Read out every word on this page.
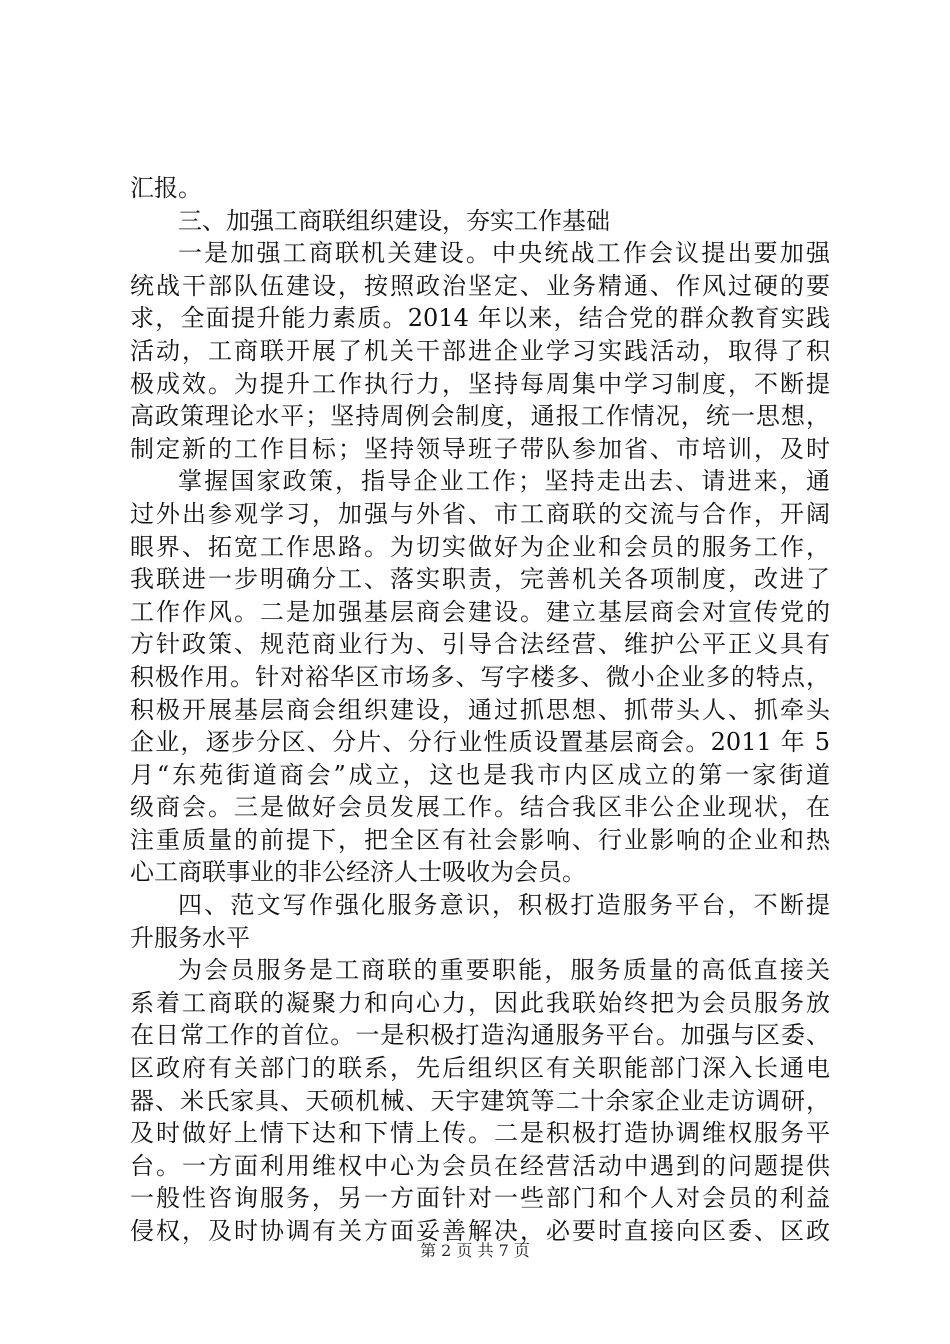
汇报。
三、加强工商联组织建设，夯实工作基础
一是加强工商联机关建设。中央统战工作会议提出要加强
统战干部队伍建设，按照政治坚定、业务精通、作风过硬的要
求，全面提升能力素质。2014 年以来，结合党的群众教育实践
活动，工商联开展了机关干部进企业学习实践活动，取得了积
极成效。为提升工作执行力，坚持每周集中学习制度，不断提
高政策理论水平；坚持周例会制度，通报工作情况，统一思想，
制定新的工作目标；坚持领导班子带队参加省、市培训，及时
掌握国家政策，指导企业工作；坚持走出去、请进来，通
过外出参观学习，加强与外省、市工商联的交流与合作，开阔
眼界、拓宽工作思路。为切实做好为企业和会员的服务工作，
我联进一步明确分工、落实职责，完善机关各项制度，改进了
工作作风。二是加强基层商会建设。建立基层商会对宣传党的
方针政策、规范商业行为、引导合法经营、维护公平正义具有
积极作用。针对裕华区市场多、写字楼多、微小企业多的特点，
积极开展基层商会组织建设，通过抓思想、抓带头人、抓牵头
企业，逐步分区、分片、分行业性质设置基层商会。2011 年 5
月“东苑街道商会”成立，这也是我市内区成立的第一家街道
级商会。三是做好会员发展工作。结合我区非公企业现状，在
注重质量的前提下，把全区有社会影响、行业影响的企业和热
心工商联事业的非公经济人士吸收为会员。
四、范文写作强化服务意识，积极打造服务平台，不断提
升服务水平
为会员服务是工商联的重要职能，服务质量的高低直接关
系着工商联的凝聚力和向心力，因此我联始终把为会员服务放
在日常工作的首位。一是积极打造沟通服务平台。加强与区委、
区政府有关部门的联系，先后组织区有关职能部门深入长通电
器、米氏家具、天硕机械、天宇建筑等二十余家企业走访调研，
及时做好上情下达和下情上传。二是积极打造协调维权服务平
台。一方面利用维权中心为会员在经营活动中遇到的问题提供
一般性咨询服务，另一方面针对一些部门和个人对会员的利益
侵权，及时协调有关方面妥善解决，必要时直接向区委、区政
第 2 页 共 7 页
